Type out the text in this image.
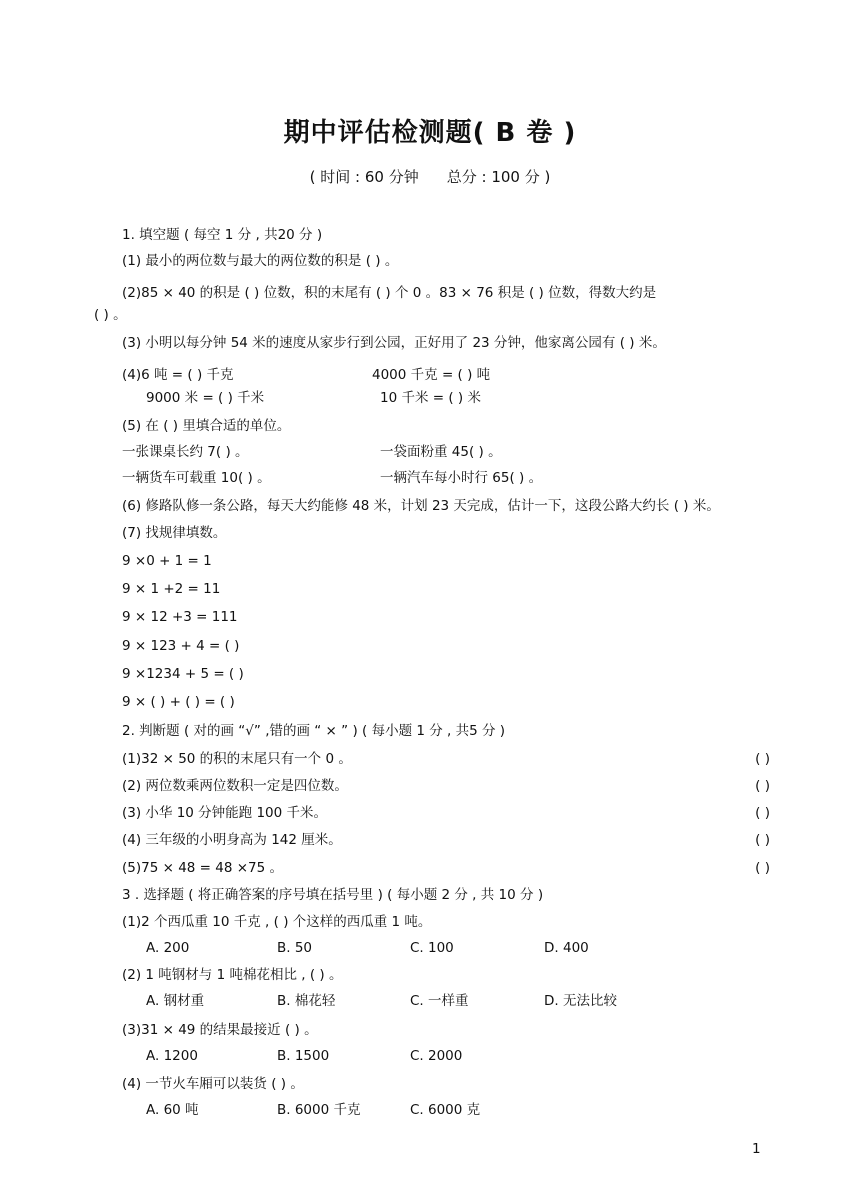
期中评估检测题( B 卷 )
( 时间 : 60 分钟 总分 : 100 分 )
1. 填空题 ( 每空 1 分 , 共20 分 )
(1) 最小的两位数与最大的两位数的积是 ( ) 。
(2)85 × 40 的积是 ( ) 位数，积的末尾有 ( ) 个 0 。83 × 76 积是 ( ) 位数，得数大约是
( ) 。
(3) 小明以每分钟 54 米的速度从家步行到公园，正好用了 23 分钟，他家离公园有 ( ) 米。
(4)6 吨 = ( ) 千克	4000 千克 = ( ) 吨
9000 米 = ( ) 千米	10 千米 = ( ) 米
(5) 在 ( ) 里填合适的单位。
一张课桌长约 7( ) 。	一袋面粉重 45( ) 。
一辆货车可载重 10( ) 。	一辆汽车每小时行 65( ) 。
(6) 修路队修一条公路，每天大约能修 48 米，计划 23 天完成，估计一下，这段公路大约长 ( ) 米。
(7) 找规律填数。
9 ×0 + 1 = 1
9 × 1 +2 = 11
9 × 12 +3 = 111
9 × 123 + 4 = ( )
9 ×1234 + 5 = ( )
9 × ( ) + ( ) = ( )
2. 判断题 ( 对的画 “√” ,错的画 “ × ” ) ( 每小题 1 分 , 共5 分 )
(1)32 × 50 的积的末尾只有一个 0 。	( )
(2) 两位数乘两位数积一定是四位数。	( )
(3) 小华 10 分钟能跑 100 千米。	( )
(4) 三年级的小明身高为 142 厘米。	( )
(5)75 × 48 = 48 ×75 。	( )
3 . 选择题 ( 将正确答案的序号填在括号里 ) ( 每小题 2 分 , 共 10 分 )
(1)2 个西瓜重 10 千克 , ( ) 个这样的西瓜重 1 吨。
A. 200	B. 50	C. 100	D. 400
(2) 1 吨钢材与 1 吨棉花相比 , ( ) 。
A. 钢材重	B. 棉花轻	C. 一样重	D. 无法比较
(3)31 × 49 的结果最接近 ( ) 。
A. 1200	B. 1500	C. 2000
(4) 一节火车厢可以装货 ( ) 。
A. 60 吨	B. 6000 千克	C. 6000 克
1
